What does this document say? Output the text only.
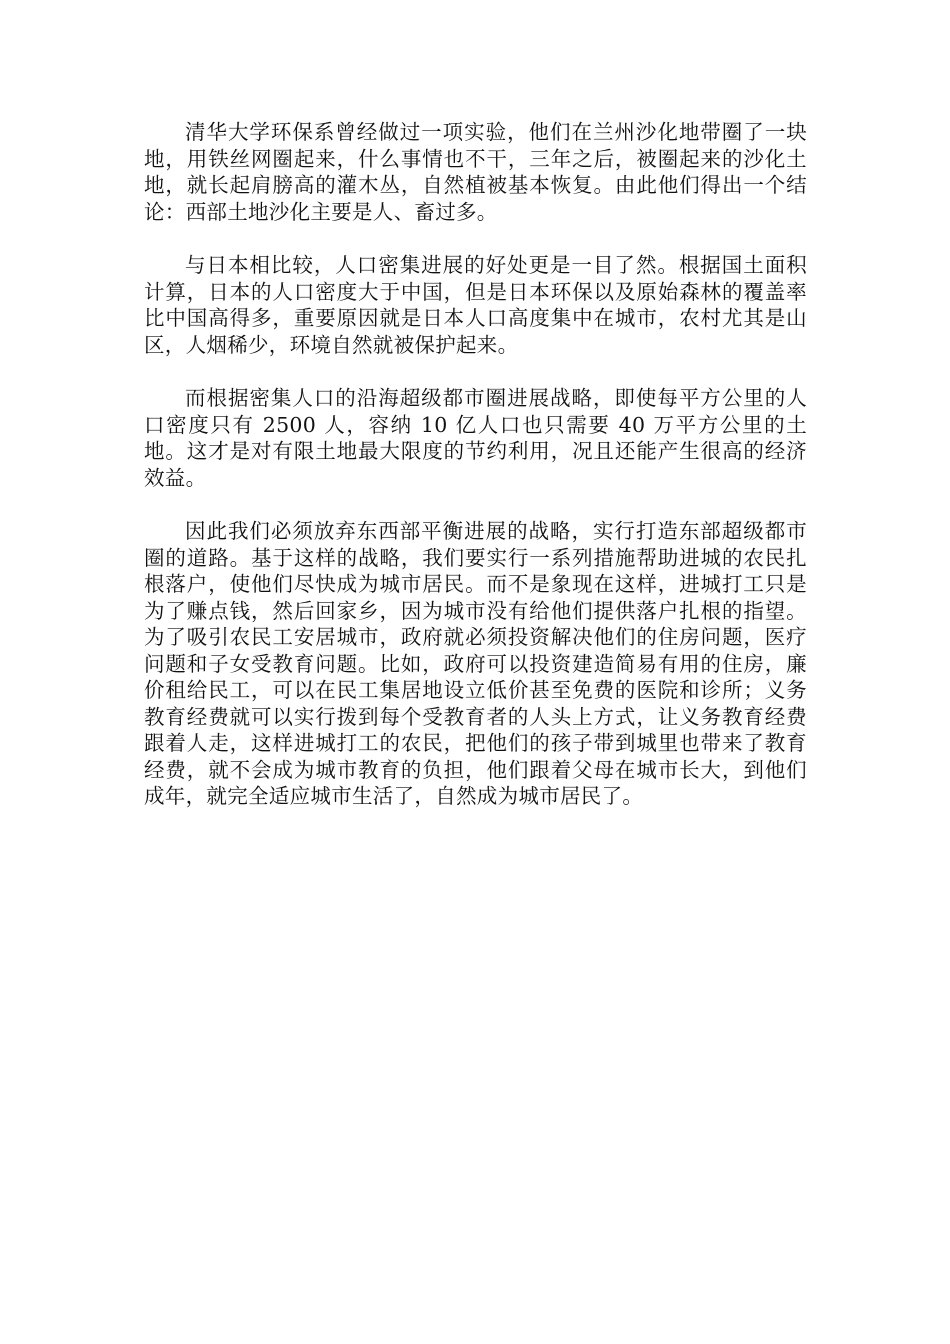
清华大学环保系曾经做过一项实验，他们在兰州沙化地带圈了一块地，用铁丝网圈起来，什么事情也不干，三年之后，被圈起来的沙化土地，就长起肩膀高的灌木丛，自然植被基本恢复。由此他们得出一个结论：西部土地沙化主要是人、畜过多。

与日本相比较，人口密集进展的好处更是一目了然。根据国土面积计算，日本的人口密度大于中国，但是日本环保以及原始森林的覆盖率比中国高得多，重要原因就是日本人口高度集中在城市，农村尤其是山区，人烟稀少，环境自然就被保护起来。

而根据密集人口的沿海超级都市圈进展战略，即使每平方公里的人口密度只有 2500 人，容纳 10 亿人口也只需要 40 万平方公里的土地。这才是对有限土地最大限度的节约利用，况且还能产生很高的经济效益。

因此我们必须放弃东西部平衡进展的战略，实行打造东部超级都市圈的道路。基于这样的战略，我们要实行一系列措施帮助进城的农民扎根落户，使他们尽快成为城市居民。而不是象现在这样，进城打工只是为了赚点钱，然后回家乡，因为城市没有给他们提供落户扎根的指望。为了吸引农民工安居城市，政府就必须投资解决他们的住房问题，医疗问题和子女受教育问题。比如，政府可以投资建造简易有用的住房，廉价租给民工，可以在民工集居地设立低价甚至免费的医院和诊所；义务教育经费就可以实行拨到每个受教育者的人头上方式，让义务教育经费跟着人走，这样进城打工的农民，把他们的孩子带到城里也带来了教育经费，就不会成为城市教育的负担，他们跟着父母在城市长大，到他们成年，就完全适应城市生活了，自然成为城市居民了。
